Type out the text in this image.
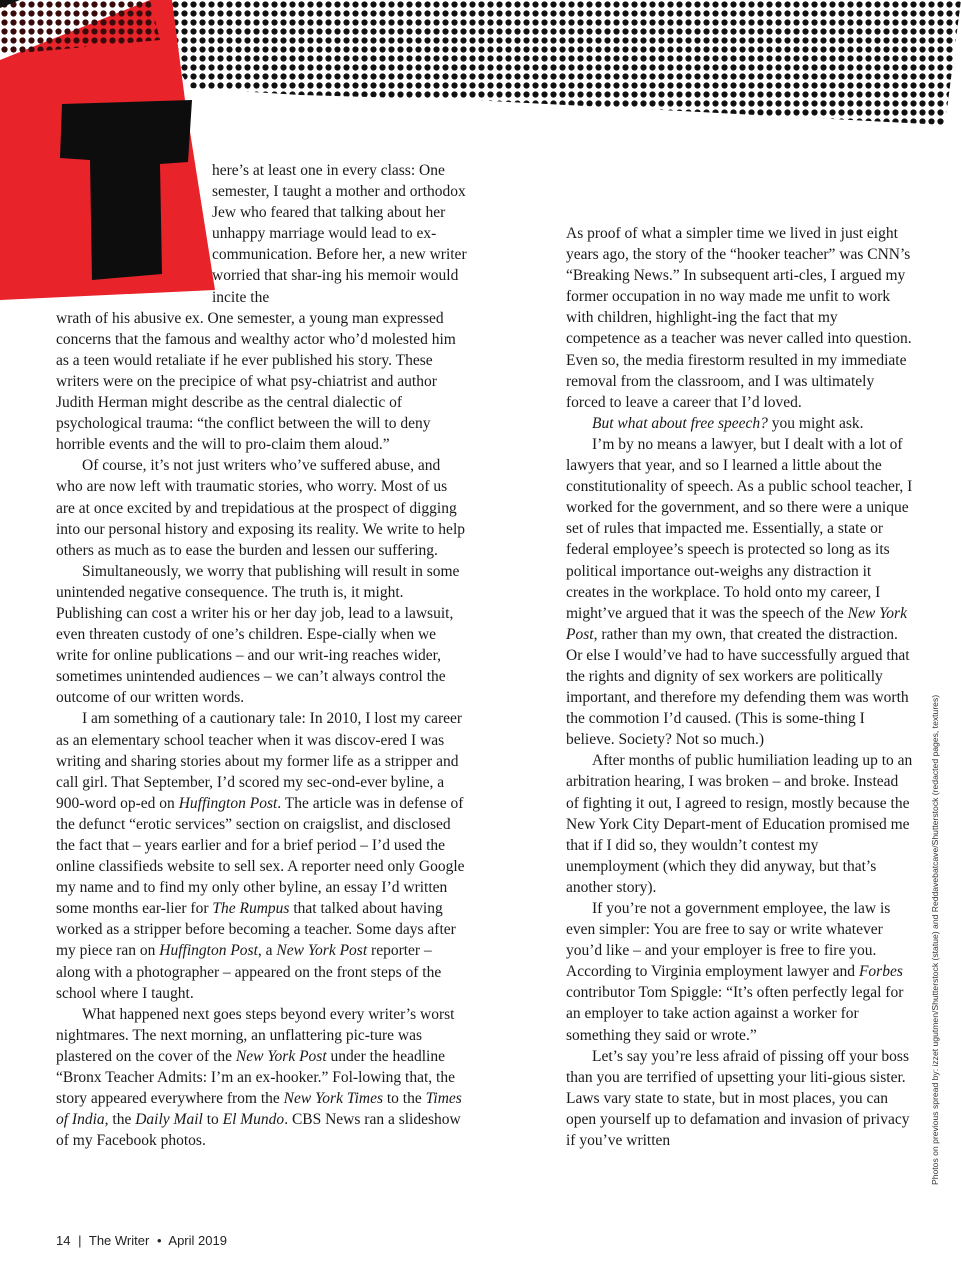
T

here’s at least one in every class: One semester, I taught a mother and orthodox Jew who feared that talking about her unhappy marriage would lead to ex-communication. Before her, a new writer worried that shar-ing his memoir would incite the
wrath of his abusive ex. One semester, a young man expressed concerns that the famous and wealthy actor who’d molested him as a teen would retaliate if he ever published his story. These writers were on the precipice of what psy-chiatrist and author Judith Herman might describe as the central dialectic of psychological trauma: “the conflict between the will to deny horrible events and the will to pro-claim them aloud.”

Of course, it’s not just writers who’ve suffered abuse, and who are now left with traumatic stories, who worry. Most of us are at once excited by and trepidatious at the prospect of digging into our personal history and exposing its reality. We write to help others as much as to ease the burden and lessen our suffering.

Simultaneously, we worry that publishing will result in some unintended negative consequence. The truth is, it might. Publishing can cost a writer his or her day job, lead to a lawsuit, even threaten custody of one’s children. Espe-cially when we write for online publications – and our writ-ing reaches wider, sometimes unintended audiences – we can’t always control the outcome of our written words.

I am something of a cautionary tale: In 2010, I lost my career as an elementary school teacher when it was discov-ered I was writing and sharing stories about my former life as a stripper and call girl. That September, I’d scored my sec-ond-ever byline, a 900-word op-ed on Huffington Post. The article was in defense of the defunct “erotic services” section on craigslist, and disclosed the fact that – years earlier and for a brief period – I’d used the online classifieds website to sell sex. A reporter need only Google my name and to find my only other byline, an essay I’d written some months ear-lier for The Rumpus that talked about having worked as a stripper before becoming a teacher. Some days after my piece ran on Huffington Post, a New York Post reporter – along with a photographer – appeared on the front steps of the school where I taught.

What happened next goes steps beyond every writer’s worst nightmares. The next morning, an unflattering pic-ture was plastered on the cover of the New York Post under the headline “Bronx Teacher Admits: I’m an ex-hooker.” Fol-lowing that, the story appeared everywhere from the New York Times to the Times of India, the Daily Mail to El Mundo. CBS News ran a slideshow of my Facebook photos.

As proof of what a simpler time we lived in just eight years ago, the story of the “hooker teacher” was CNN’s “Breaking News.” In subsequent arti-cles, I argued my former occupation in no way made me unfit to work with children, highlight-ing the fact that my competence as a teacher was never called into question. Even so, the media firestorm resulted in my immediate removal from the classroom, and I was ultimately forced to leave a career that I’d loved.

But what about free speech? you might ask.

I’m by no means a lawyer, but I dealt with a lot of lawyers that year, and so I learned a little about the constitutionality of speech. As a public school teacher, I worked for the government, and so there were a unique set of rules that impacted me. Essentially, a state or federal employee’s speech is protected so long as its political importance out-weighs any distraction it creates in the workplace. To hold onto my career, I might’ve argued that it was the speech of the New York Post, rather than my own, that created the distraction. Or else I would’ve had to have successfully argued that the rights and dignity of sex workers are politically important, and therefore my defending them was worth the commotion I’d caused. (This is some-thing I believe. Society? Not so much.)

After months of public humiliation leading up to an arbitration hearing, I was broken – and broke. Instead of fighting it out, I agreed to resign, mostly because the New York City Depart-ment of Education promised me that if I did so, they wouldn’t contest my unemployment (which they did anyway, but that’s another story).

If you’re not a government employee, the law is even simpler: You are free to say or write whatever you’d like – and your employer is free to fire you. According to Virginia employment lawyer and Forbes contributor Tom Spiggle: “It’s often perfectly legal for an employer to take action against a worker for something they said or wrote.”

Let’s say you’re less afraid of pissing off your boss than you are terrified of upsetting your liti-gious sister. Laws vary state to state, but in most places, you can open yourself up to defamation and invasion of privacy if you’ve written

14 | The Writer • April 2019
Photos on previous spread by: izzet ugutmen/Shutterstock (statue) and Reddavebatcave/Shutterstock (redacted pages, textures)
